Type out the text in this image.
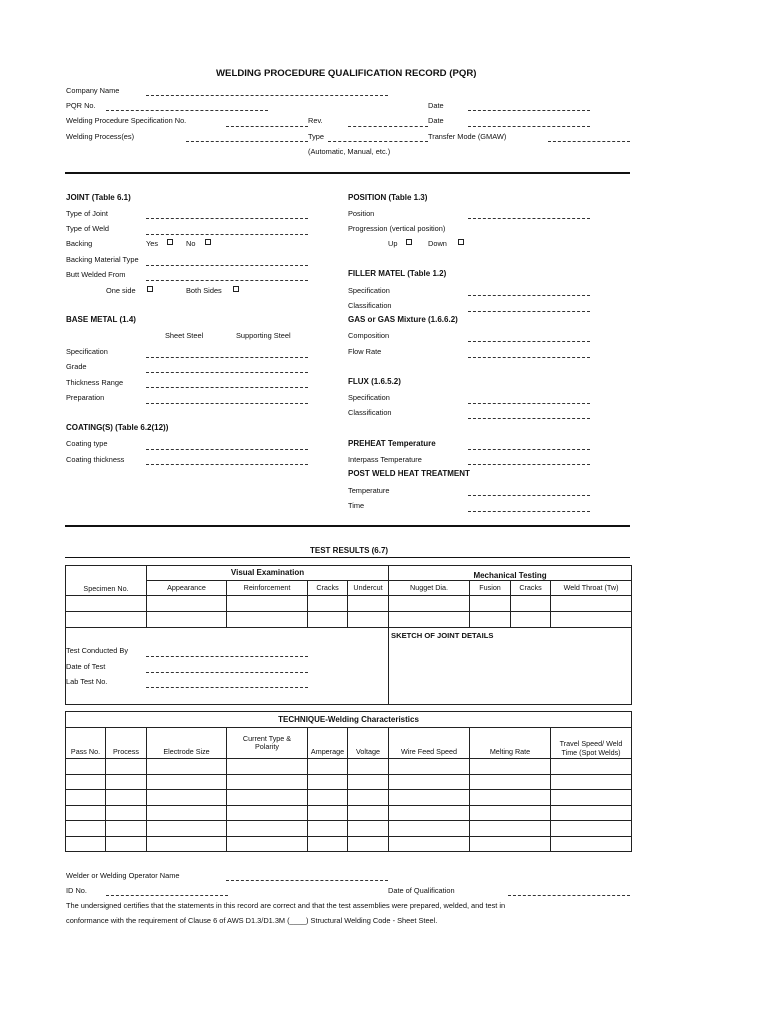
WELDING PROCEDURE QUALIFICATION RECORD (PQR)
Company Name
PQR No.	Date
Welding Procedure Specification No.	Rev.	Date
Welding Process(es)	Type	Transfer Mode (GMAW)
(Automatic, Manual, etc.)
JOINT (Table 6.1)
Type of Joint
Type of Weld
Backing	Yes	No
Backing Material Type
Butt Welded From
One side	Both Sides
BASE METAL (1.4)
Sheet Steel	Supporting Steel
Specification
Grade
Thickness Range
Preparation
COATING(S) (Table 6.2(12))
Coating type
Coating thickness
POSITION (Table 1.3)
Position
Progression (vertical position)
Up	Down
FILLER MATEL (Table 1.2)
Specification
Classification
GAS or GAS Mixture (1.6.6.2)
Composition
Flow Rate
FLUX (1.6.5.2)
Specification
Classification
PREHEAT Temperature
Interpass Temperature
POST WELD HEAT TREATMENT
Temperature
Time
TEST RESULTS (6.7)
Specimen No.	Visual Examination				Mechanical Testing			
	Appearance	Reinforcement	Cracks	Undercut	Nugget Dia.	Fusion	Cracks	Weld Throat (Tw)

					SKETCH OF JOINT DETAILS			
Test Conducted By
Date of Test
Lab Test No.
TECHNIQUE-Welding Characteristics								
Pass No.	Process	Electrode Size	Current Type & Polarity	Amperage	Voltage	Wire Feed Speed	Melting Rate	Travel Speed/ Weld Time (Spot Welds)

Welder or Welding Operator Name
ID No.	Date of Qualification
The undersigned certifies that the statements in this record are correct and that the test assemblies were prepared, welded, and test in
conformance with the requirement of Clause 6 of AWS D1.3/D1.3M (____) Structural Welding Code - Sheet Steel.
